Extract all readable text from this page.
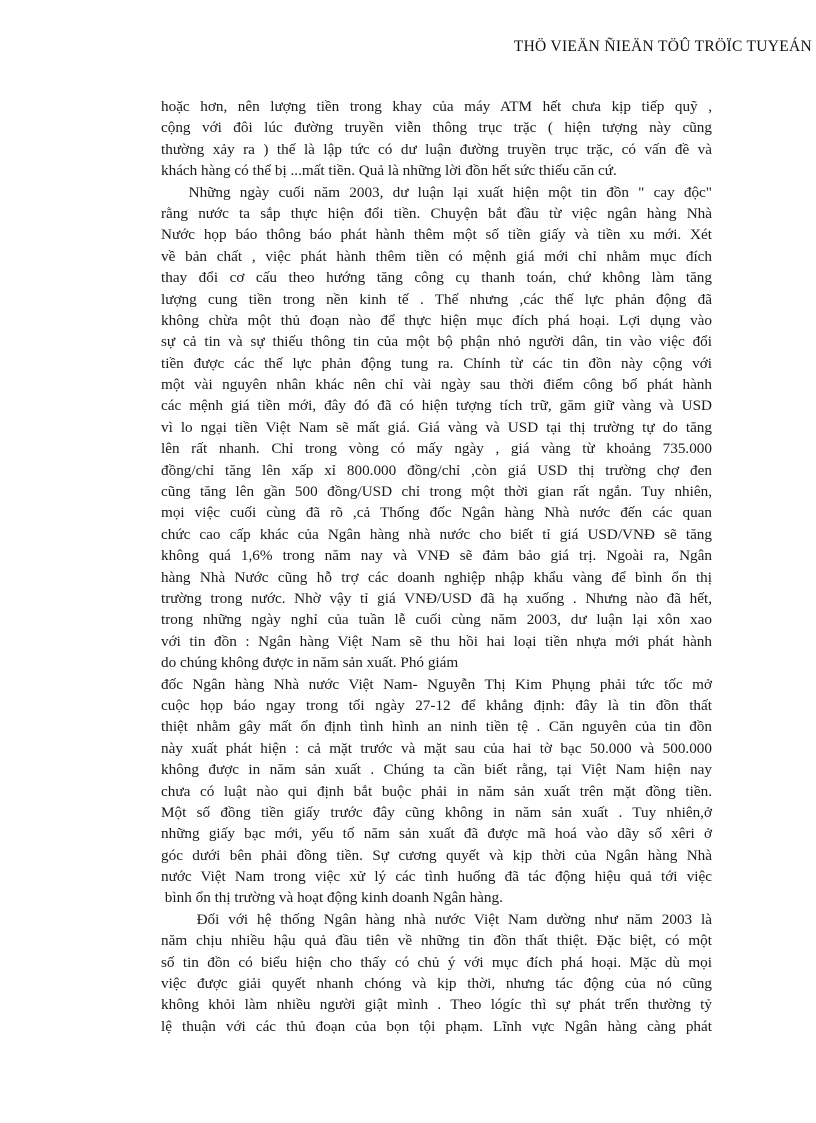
THÖ VIEÄN ÑIEÄN TÖÛ TRÖÏC TUYEÁN
hoặc hơn, nên lượng tiền trong khay của máy ATM hết chưa kịp tiếp quỹ ,
cộng với đôi lúc đường truyền viễn thông trục trặc ( hiện tượng này cũng
thường xảy ra ) thế là lập tức có dư luận đường truyền trục trặc, có vấn đề và
khách hàng có thể bị ...mất tiền. Quả là những lời đồn hết sức thiếu căn cứ.
Những ngày cuối năm 2003, dư luận lại xuất hiện một tin đồn " cay độc"
rằng nước ta sắp thực hiện đổi tiền. Chuyện bắt đầu từ việc ngân hàng Nhà
Nước họp báo thông báo phát hành thêm một số tiền giấy và tiền xu mới. Xét
về bản chất , việc phát hành thêm tiền có mệnh giá mới chỉ nhằm mục đích
thay đổi cơ cấu theo hướng tăng công cụ thanh toán, chứ không làm tăng
lượng cung tiền trong nền kinh tế . Thế nhưng ,các thế lực phản động đã
không chừa một thủ đoạn nào để thực hiện mục đích phá hoại. Lợi dụng vào
sự cả tin và sự thiếu thông tin của một bộ phận nhỏ người dân, tin vào việc đổi
tiền được các thế lực phản động tung ra. Chính từ các tin đồn này cộng với
một vài nguyên nhân khác nên chỉ vài ngày sau thời điểm công bố phát hành
các mệnh giá tiền mới, đây đó đã có hiện tượng tích trữ, găm giữ vàng và USD
vì lo ngại tiền Việt Nam sẽ mất giá. Giá vàng và USD tại thị trường tự do tăng
lên rất nhanh. Chỉ trong vòng có mấy ngày , giá vàng từ khoảng 735.000
đồng/chỉ tăng lên xấp xỉ 800.000 đồng/chỉ ,còn giá USD thị trường chợ đen
cũng tăng lên gần 500 đồng/USD chỉ trong một thời gian rất ngắn. Tuy nhiên,
mọi việc cuối cùng đã rõ ,cả Thống đốc Ngân hàng Nhà nước đến các quan
chức cao cấp khác của Ngân hàng nhà nước cho biết tỉ giá USD/VNĐ sẽ tăng
không quá 1,6% trong năm nay và VNĐ sẽ đảm bảo giá trị. Ngoài ra, Ngân
hàng Nhà Nước cũng hỗ trợ các doanh nghiệp nhập khẩu vàng để bình ổn thị
trường trong nước. Nhờ vậy tỉ giá VNĐ/USD đã hạ xuống . Nhưng nào đã hết,
trong những ngày nghỉ của tuần lễ cuối cùng năm 2003, dư luận lại xôn xao
với tin đồn : Ngân hàng Việt Nam sẽ thu hồi hai loại tiền nhựa mới phát hành
do chúng không được in năm sản xuất. Phó giám
đốc Ngân hàng Nhà nước Việt Nam- Nguyễn Thị Kim Phụng phải tức tốc mở
cuộc họp báo ngay trong tối ngày 27-12 để khẳng định: đây là tin đồn thất
thiệt nhằm gây mất ổn định tình hình an ninh tiền tệ . Căn nguyên của tin đồn
này xuất phát hiện : cả mặt trước và mặt sau của hai tờ bạc 50.000 và 500.000
không được in năm sản xuất . Chúng ta cần biết rằng, tại Việt Nam hiện nay
chưa có luật nào qui định bắt buộc phải in năm sản xuất trên mặt đồng tiền.
Một số đồng tiền giấy trước đây cũng không in năm sản xuất . Tuy nhiên,ở
những giấy bạc mới, yếu tố năm sản xuất đã được mã hoá vào dãy số xêri ở
góc dưới bên phải đồng tiền. Sự cương quyết và kịp thời của Ngân hàng Nhà
nước Việt Nam trong việc xử lý các tình huống đã tác động hiệu quả tới việc
bình ổn thị trường và hoạt động kinh doanh Ngân hàng.
Đối với hệ thống Ngân hàng nhà nước Việt Nam dường như năm 2003 là
năm chịu nhiều hậu quả đầu tiên về những tin đồn thất thiệt. Đặc biệt, có một
số tin đồn có biểu hiện cho thấy có chủ ý với mục đích phá hoại. Mặc dù mọi
việc được giải quyết nhanh chóng và kịp thời, nhưng tác động của nó cũng
không khỏi làm nhiều người giật mình . Theo lógíc thì sự phát trển thường tỷ
lệ thuận với các thủ đoạn của bọn tội phạm. Lĩnh vực Ngân hàng càng phát
